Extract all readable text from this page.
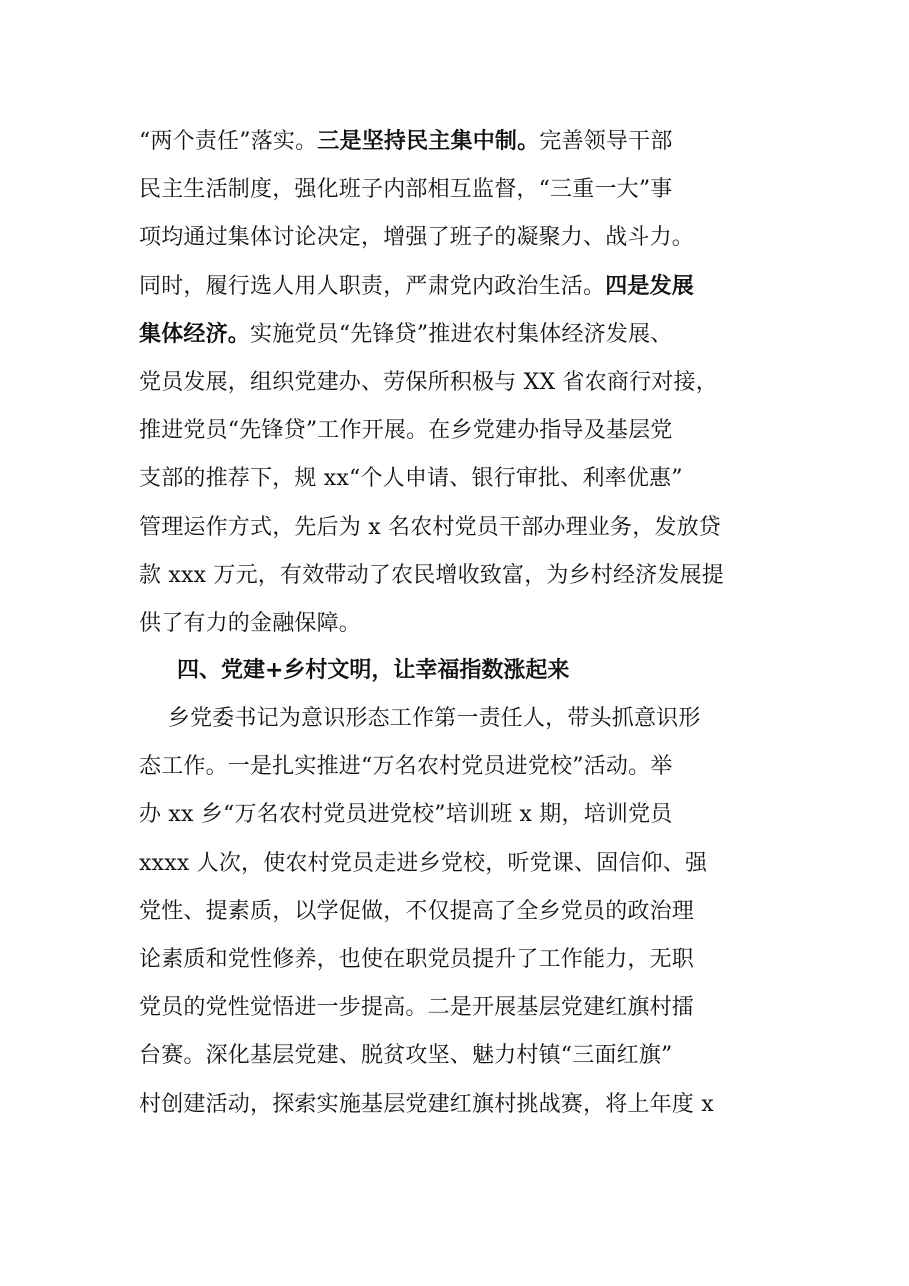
“两个责任”落实。三是坚持民主集中制。完善领导干部
民主生活制度，强化班子内部相互监督，“三重一大”事
项均通过集体讨论决定，增强了班子的凝聚力、战斗力。
同时，履行选人用人职责，严肃党内政治生活。四是发展
集体经济。实施党员“先锋贷”推进农村集体经济发展、
党员发展，组织党建办、劳保所积极与 XX 省农商行对接，
推进党员“先锋贷”工作开展。在乡党建办指导及基层党
支部的推荐下，规 xx“个人申请、银行审批、利率优惠”
管理运作方式，先后为 x 名农村党员干部办理业务，发放贷
款 xxx 万元，有效带动了农民增收致富，为乡村经济发展提
供了有力的金融保障。
四、党建+乡村文明，让幸福指数涨起来
乡党委书记为意识形态工作第一责任人，带头抓意识形
态工作。一是扎实推进“万名农村党员进党校”活动。举
办 xx 乡“万名农村党员进党校”培训班 x 期，培训党员
xxxx 人次，使农村党员走进乡党校，听党课、固信仰、强
党性、提素质，以学促做，不仅提高了全乡党员的政治理
论素质和党性修养，也使在职党员提升了工作能力，无职
党员的党性觉悟进一步提高。二是开展基层党建红旗村擂
台赛。深化基层党建、脱贫攻坚、魅力村镇“三面红旗”
村创建活动，探索实施基层党建红旗村挑战赛，将上年度 x
